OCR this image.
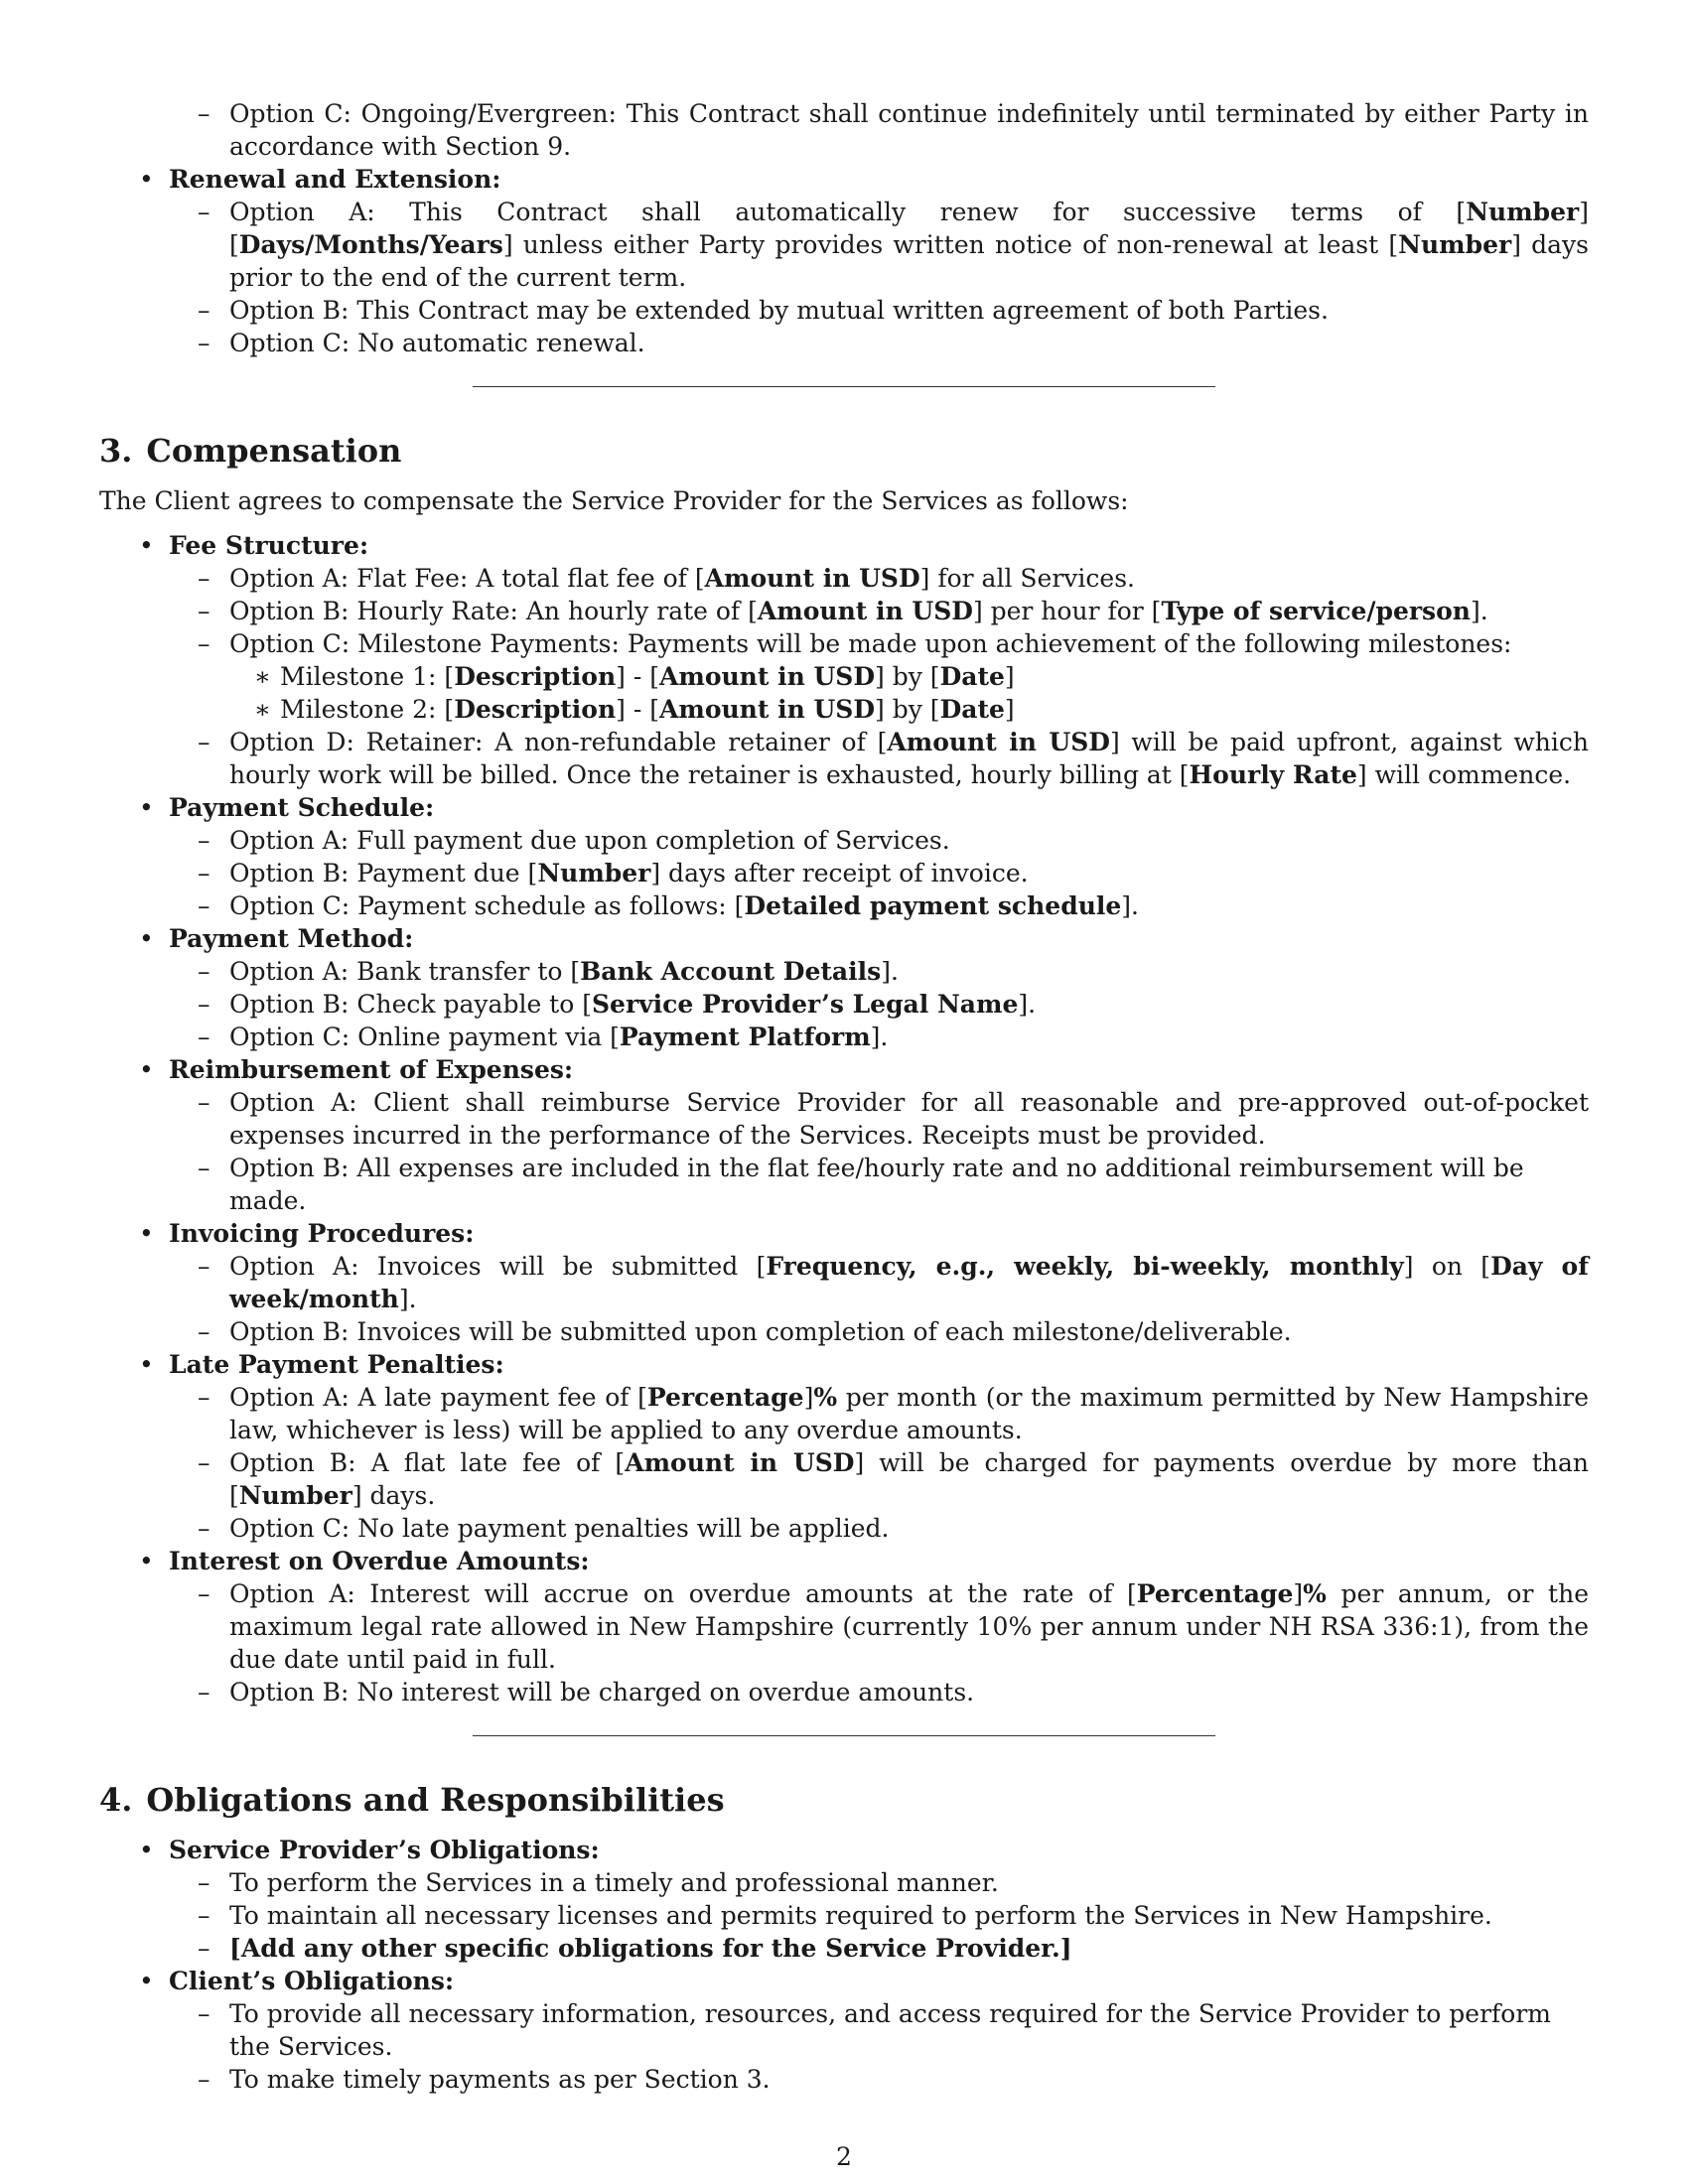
– Option C: Ongoing/Evergreen: This Contract shall continue indefinitely until terminated by either Party in accordance with Section 9.
• Renewal and Extension:
– Option A: This Contract shall automatically renew for successive terms of [Number] [Days/Months/Years] unless either Party provides written notice of non-renewal at least [Number] days prior to the end of the current term.
– Option B: This Contract may be extended by mutual written agreement of both Parties.
– Option C: No automatic renewal.
3. Compensation

The Client agrees to compensate the Service Provider for the Services as follows:

• Fee Structure:
– Option A: Flat Fee: A total flat fee of [Amount in USD] for all Services.
– Option B: Hourly Rate: An hourly rate of [Amount in USD] per hour for [Type of service/person].
– Option C: Milestone Payments: Payments will be made upon achievement of the following milestones:
∗ Milestone 1: [Description] - [Amount in USD] by [Date]
∗ Milestone 2: [Description] - [Amount in USD] by [Date]
– Option D: Retainer: A non-refundable retainer of [Amount in USD] will be paid upfront, against which hourly work will be billed. Once the retainer is exhausted, hourly billing at [Hourly Rate] will commence.
• Payment Schedule:
– Option A: Full payment due upon completion of Services.
– Option B: Payment due [Number] days after receipt of invoice.
– Option C: Payment schedule as follows: [Detailed payment schedule].
• Payment Method:
– Option A: Bank transfer to [Bank Account Details].
– Option B: Check payable to [Service Provider’s Legal Name].
– Option C: Online payment via [Payment Platform].
• Reimbursement of Expenses:
– Option A: Client shall reimburse Service Provider for all reasonable and pre-approved out-of-pocket expenses incurred in the performance of the Services. Receipts must be provided.
– Option B: All expenses are included in the flat fee/hourly rate and no additional reimbursement will be made.
• Invoicing Procedures:
– Option A: Invoices will be submitted [Frequency, e.g., weekly, bi-weekly, monthly] on [Day of week/month].
– Option B: Invoices will be submitted upon completion of each milestone/deliverable.
• Late Payment Penalties:
– Option A: A late payment fee of [Percentage]% per month (or the maximum permitted by New Hampshire law, whichever is less) will be applied to any overdue amounts.
– Option B: A flat late fee of [Amount in USD] will be charged for payments overdue by more than [Number] days.
– Option C: No late payment penalties will be applied.
• Interest on Overdue Amounts:
– Option A: Interest will accrue on overdue amounts at the rate of [Percentage]% per annum, or the maximum legal rate allowed in New Hampshire (currently 10% per annum under NH RSA 336:1), from the due date until paid in full.
– Option B: No interest will be charged on overdue amounts.
4. Obligations and Responsibilities
• Service Provider’s Obligations:
– To perform the Services in a timely and professional manner.
– To maintain all necessary licenses and permits required to perform the Services in New Hampshire.
– [Add any other specific obligations for the Service Provider.]
• Client’s Obligations:
– To provide all necessary information, resources, and access required for the Service Provider to perform the Services.
– To make timely payments as per Section 3.
2
